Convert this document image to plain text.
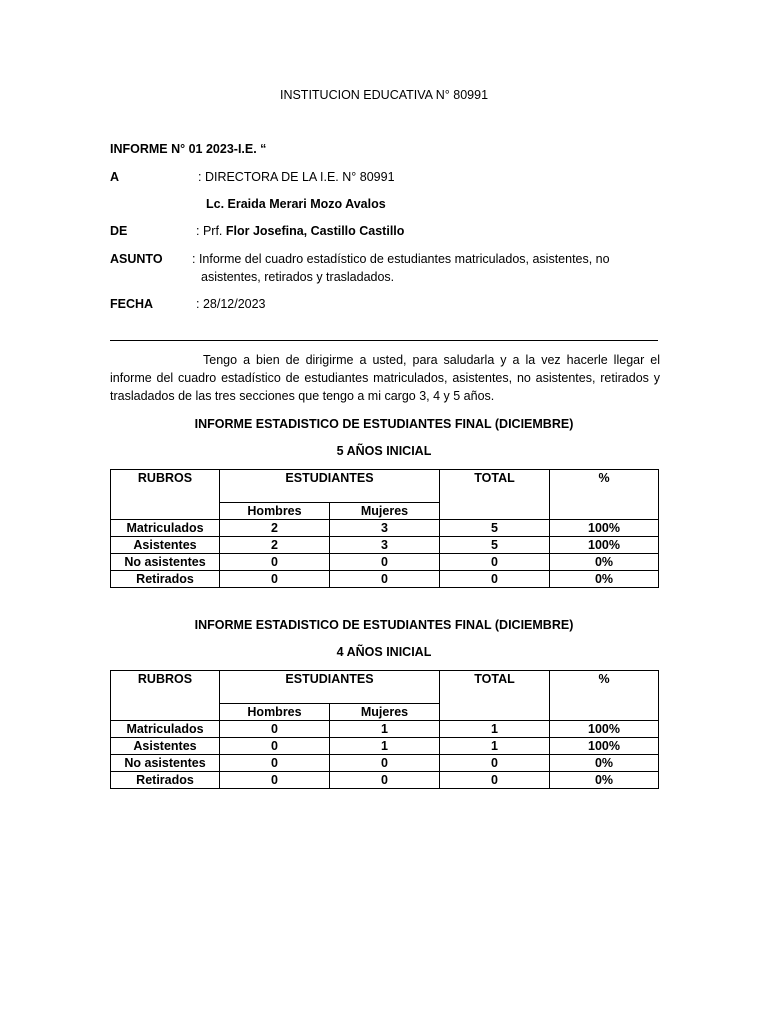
INSTITUCION EDUCATIVA N° 80991
INFORME N° 01 2023-I.E. “
A	: DIRECTORA DE LA I.E. N° 80991
Lc. Eraida Merari Mozo Avalos
DE	: Prf. Flor Josefina, Castillo Castillo
ASUNTO : Informe del cuadro estadístico de estudiantes matriculados, asistentes, no
asistentes, retirados y trasladados.
FECHA	: 28/12/2023
Tengo a bien de dirigirme a usted, para saludarla y a la vez hacerle llegar el informe del cuadro estadístico de estudiantes matriculados, asistentes, no asistentes, retirados y trasladados de las tres secciones que tengo a mi cargo 3, 4 y 5 años.
INFORME ESTADISTICO DE ESTUDIANTES FINAL (DICIEMBRE)
5 AÑOS INICIAL
RUBROS	ESTUDIANTES		TOTAL	%
	Hombres	Mujeres		
Matriculados	2	3	5	100%
Asistentes	2	3	5	100%
No asistentes	0	0	0	0%
Retirados	0	0	0	0%
INFORME ESTADISTICO DE ESTUDIANTES FINAL (DICIEMBRE)
4 AÑOS INICIAL
RUBROS	ESTUDIANTES		TOTAL	%
	Hombres	Mujeres		
Matriculados	0	1	1	100%
Asistentes	0	1	1	100%
No asistentes	0	0	0	0%
Retirados	0	0	0	0%
